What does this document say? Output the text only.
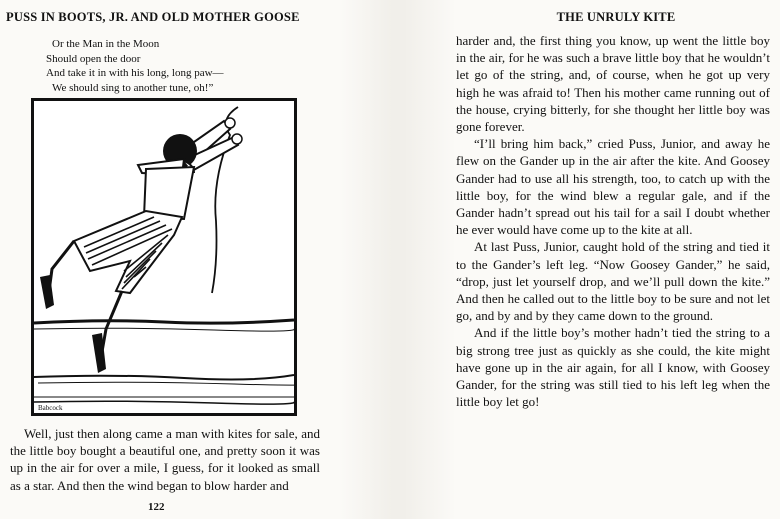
PUSS IN BOOTS, JR. AND OLD MOTHER GOOSE
Or the Man in the Moon
Should open the door
And take it in with his long, long paw—
We should sing to another tune, oh!”
Babcock

Well, just then along came a man with kites for sale, and the little boy bought a beautiful one, and pretty soon it was up in the air for over a mile, I guess, for it looked as small as a star. And then the wind began to blow harder and

122
THE UNRULY KITE

harder and, the first thing you know, up went the little boy in the air, for he was such a brave little boy that he wouldn’t let go of the string, and, of course, when he got up very high he was afraid to! Then his mother came running out of the house, crying bitterly, for she thought her little boy was gone forever.

“I’ll bring him back,” cried Puss, Junior, and away he flew on the Gander up in the air after the kite. And Goosey Gander had to use all his strength, too, to catch up with the little boy, for the wind blew a regular gale, and if the Gander hadn’t spread out his tail for a sail I doubt whether he ever would have come up to the kite at all.

At last Puss, Junior, caught hold of the string and tied it to the Gander’s left leg. “Now Goosey Gander,” he said, “drop, just let yourself drop, and we’ll pull down the kite.” And then he called out to the little boy to be sure and not let go, and by and by they came down to the ground.

And if the little boy’s mother hadn’t tied the string to a big strong tree just as quickly as she could, the kite might have gone up in the air again, for all I know, with Goosey Gander, for the string was still tied to his left leg when the little boy let go!
